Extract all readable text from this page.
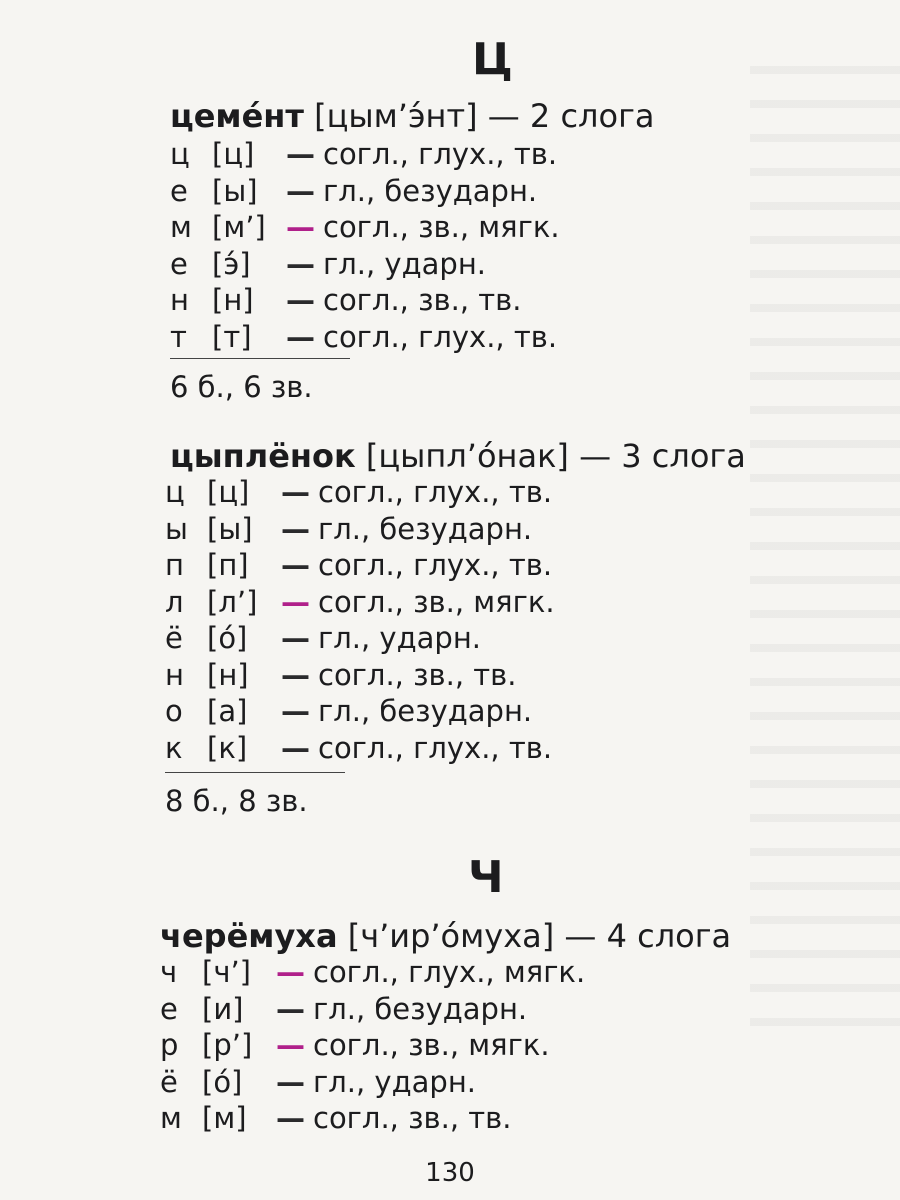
Ц
цеме́нт [цым’э́нт] — 2 слога
ц [ц] — согл., глух., тв.
е [ы] — гл., безударн.
м [м’] — согл., зв., мягк.
е [э́] — гл., ударн.
н [н] — согл., зв., тв.
т [т] — согл., глух., тв.
6 б., 6 зв.
цыплёнок [цыпл’о́нак] — 3 слога
ц [ц] — согл., глух., тв.
ы [ы] — гл., безударн.
п [п] — согл., глух., тв.
л [л’] — согл., зв., мягк.
ё [о́] — гл., ударн.
н [н] — согл., зв., тв.
о [а] — гл., безударн.
к [к] — согл., глух., тв.
8 б., 8 зв.
Ч
черёмуха [ч’ир’о́муха] — 4 слога
ч [ч’] — согл., глух., мягк.
е [и] — гл., безударн.
р [р’] — согл., зв., мягк.
ё [о́] — гл., ударн.
м [м] — согл., зв., тв.
130
